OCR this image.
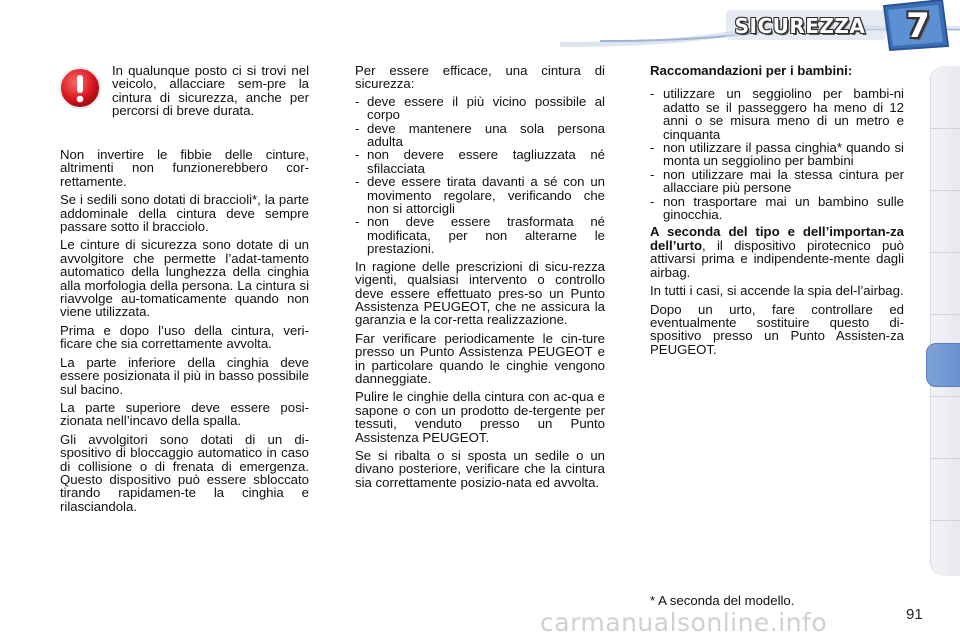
SICUREZZA	7
In qualunque posto ci si trovi nel veicolo, allacciare sem-pre la cintura di sicurezza, anche per percorsi di breve durata.

Non invertire le fibbie delle cinture, altrimenti non funzionerebbero cor-rettamente.

Se i sedili sono dotati di braccioli*, la parte addominale della cintura deve sempre passare sotto il bracciolo.

Le cinture di sicurezza sono dotate di un avvolgitore che permette l’adat-tamento automatico della lunghezza della cinghia alla morfologia della persona. La cintura si riavvolge au-tomaticamente quando non viene utilizzata.

Prima e dopo l’uso della cintura, veri-ficare che sia correttamente avvolta.

La parte inferiore della cinghia deve essere posizionata il più in basso possibile sul bacino.

La parte superiore deve essere posi-zionata nell’incavo della spalla.

Gli avvolgitori sono dotati di un di-spositivo di bloccaggio automatico in caso di collisione o di frenata di emergenza. Questo dispositivo può essere sbloccato tirando rapidamen-te la cinghia e rilasciandola.

Per essere efficace, una cintura di sicurezza:

- deve essere il più vicino possibile al corpo
- deve mantenere una sola persona adulta
- non devere essere tagliuzzata né sfilacciata
- deve essere tirata davanti a sé con un movimento regolare, verificando che non si attorcigli
- non deve essere trasformata né modificata, per non alterarne le prestazioni.

In ragione delle prescrizioni di sicu-rezza vigenti, qualsiasi intervento o controllo deve essere effettuato pres-so un Punto Assistenza PEUGEOT, che ne assicura la garanzia e la cor-retta realizzazione.

Far verificare periodicamente le cin-ture presso un Punto Assistenza PEUGEOT e in particolare quando le cinghie vengono danneggiate.

Pulire le cinghie della cintura con ac-qua e sapone o con un prodotto de-tergente per tessuti, venduto presso un Punto Assistenza PEUGEOT.

Se si ribalta o si sposta un sedile o un divano posteriore, verificare che la cintura sia correttamente posizio-nata ed avvolta.

Raccomandazioni per i bambini:

- utilizzare un seggiolino per bambi-ni adatto se il passeggero ha meno di 12 anni o se misura meno di un metro e cinquanta
- non utilizzare il passa cinghia* quando si monta un seggiolino per bambini
- non utilizzare mai la stessa cintura per allacciare più persone
- non trasportare mai un bambino sulle ginocchia.

A seconda del tipo e dell’importan-za dell’urto, il dispositivo pirotecnico può attivarsi prima e indipendente-mente dagli airbag.

In tutti i casi, si accende la spia del-l’airbag.

Dopo un urto, fare controllare ed eventualmente sostituire questo di-spositivo presso un Punto Assisten-za PEUGEOT.

* A seconda del modello.
91
carmanualsonline.info
